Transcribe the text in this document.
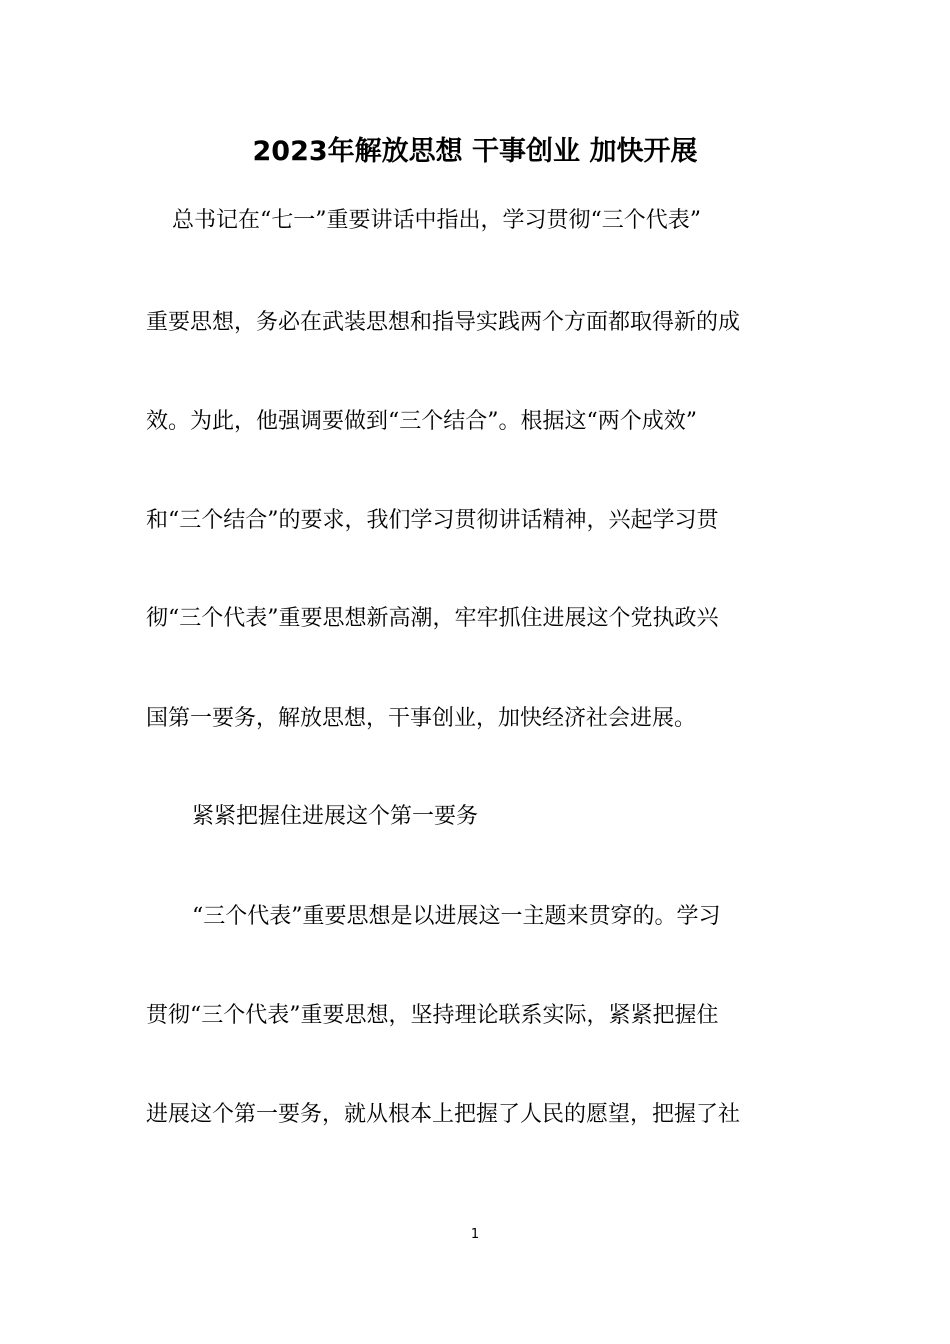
2023年解放思想 干事创业 加快开展
总书记在“七一”重要讲话中指出，学习贯彻“三个代表”
重要思想，务必在武装思想和指导实践两个方面都取得新的成
效。为此，他强调要做到“三个结合”。根据这“两个成效”
和“三个结合”的要求，我们学习贯彻讲话精神，兴起学习贯
彻“三个代表”重要思想新高潮，牢牢抓住进展这个党执政兴
国第一要务，解放思想，干事创业，加快经济社会进展。
紧紧把握住进展这个第一要务
“三个代表”重要思想是以进展这一主题来贯穿的。学习
贯彻“三个代表”重要思想，坚持理论联系实际，紧紧把握住
进展这个第一要务，就从根本上把握了人民的愿望，把握了社
1
